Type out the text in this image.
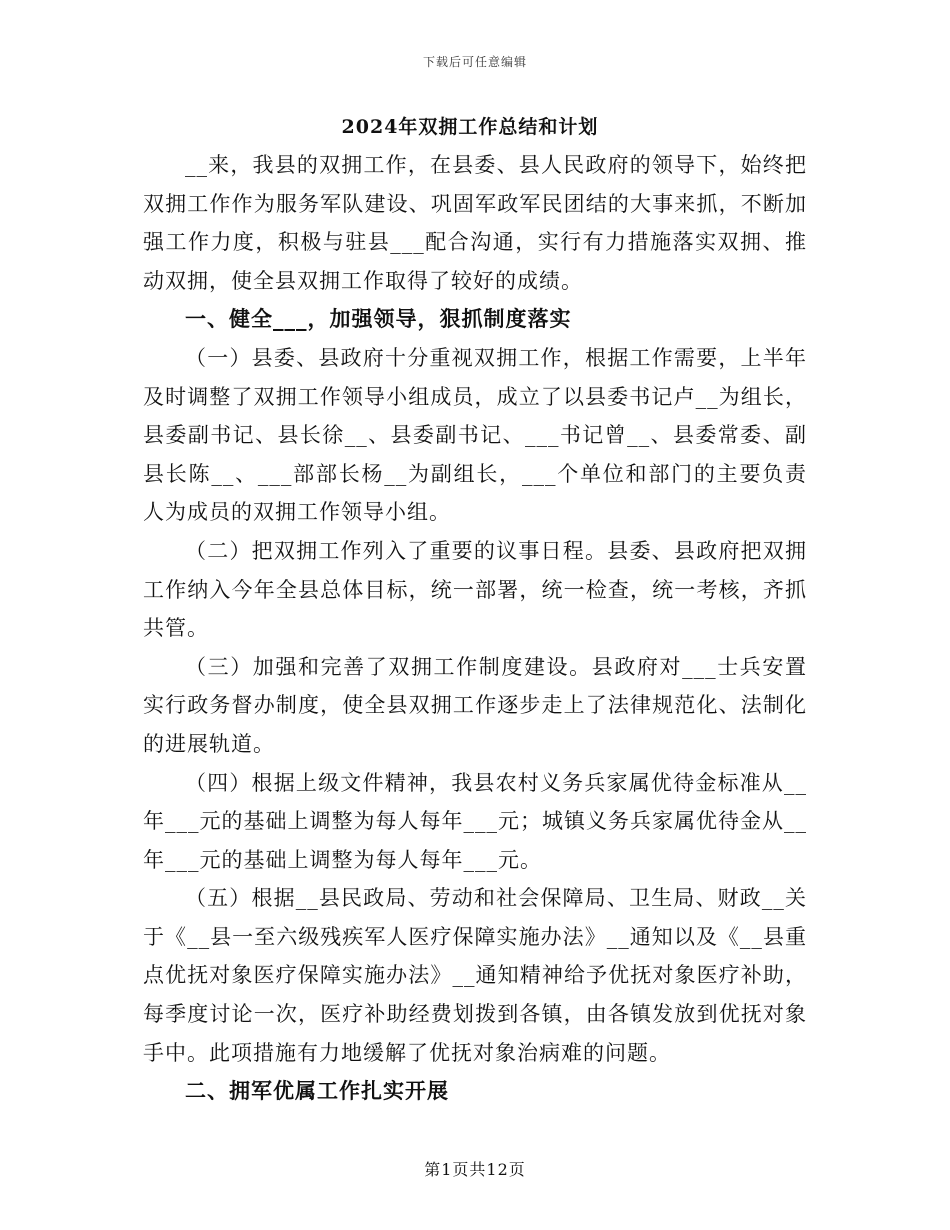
下载后可任意编辑
2024年双拥工作总结和计划

__来，我县的双拥工作，在县委、县人民政府的领导下，始终把双拥工作作为服务军队建设、巩固军政军民团结的大事来抓，不断加强工作力度，积极与驻县___配合沟通，实行有力措施落实双拥、推动双拥，使全县双拥工作取得了较好的成绩。

一、健全___，加强领导，狠抓制度落实

（一）县委、县政府十分重视双拥工作，根据工作需要，上半年及时调整了双拥工作领导小组成员，成立了以县委书记卢__为组长，县委副书记、县长徐__、县委副书记、___书记曾__、县委常委、副县长陈__、___部部长杨__为副组长，___个单位和部门的主要负责人为成员的双拥工作领导小组。

（二）把双拥工作列入了重要的议事日程。县委、县政府把双拥工作纳入今年全县总体目标，统一部署，统一检查，统一考核，齐抓共管。

（三）加强和完善了双拥工作制度建设。县政府对___士兵安置实行政务督办制度，使全县双拥工作逐步走上了法律规范化、法制化的进展轨道。

（四）根据上级文件精神，我县农村义务兵家属优待金标准从__年___元的基础上调整为每人每年___元；城镇义务兵家属优待金从__年___元的基础上调整为每人每年___元。

（五）根据__县民政局、劳动和社会保障局、卫生局、财政__关于《__县一至六级残疾军人医疗保障实施办法》__通知以及《__县重点优抚对象医疗保障实施办法》__通知精神给予优抚对象医疗补助，每季度讨论一次，医疗补助经费划拨到各镇，由各镇发放到优抚对象手中。此项措施有力地缓解了优抚对象治病难的问题。

二、拥军优属工作扎实开展

第1页共12页
